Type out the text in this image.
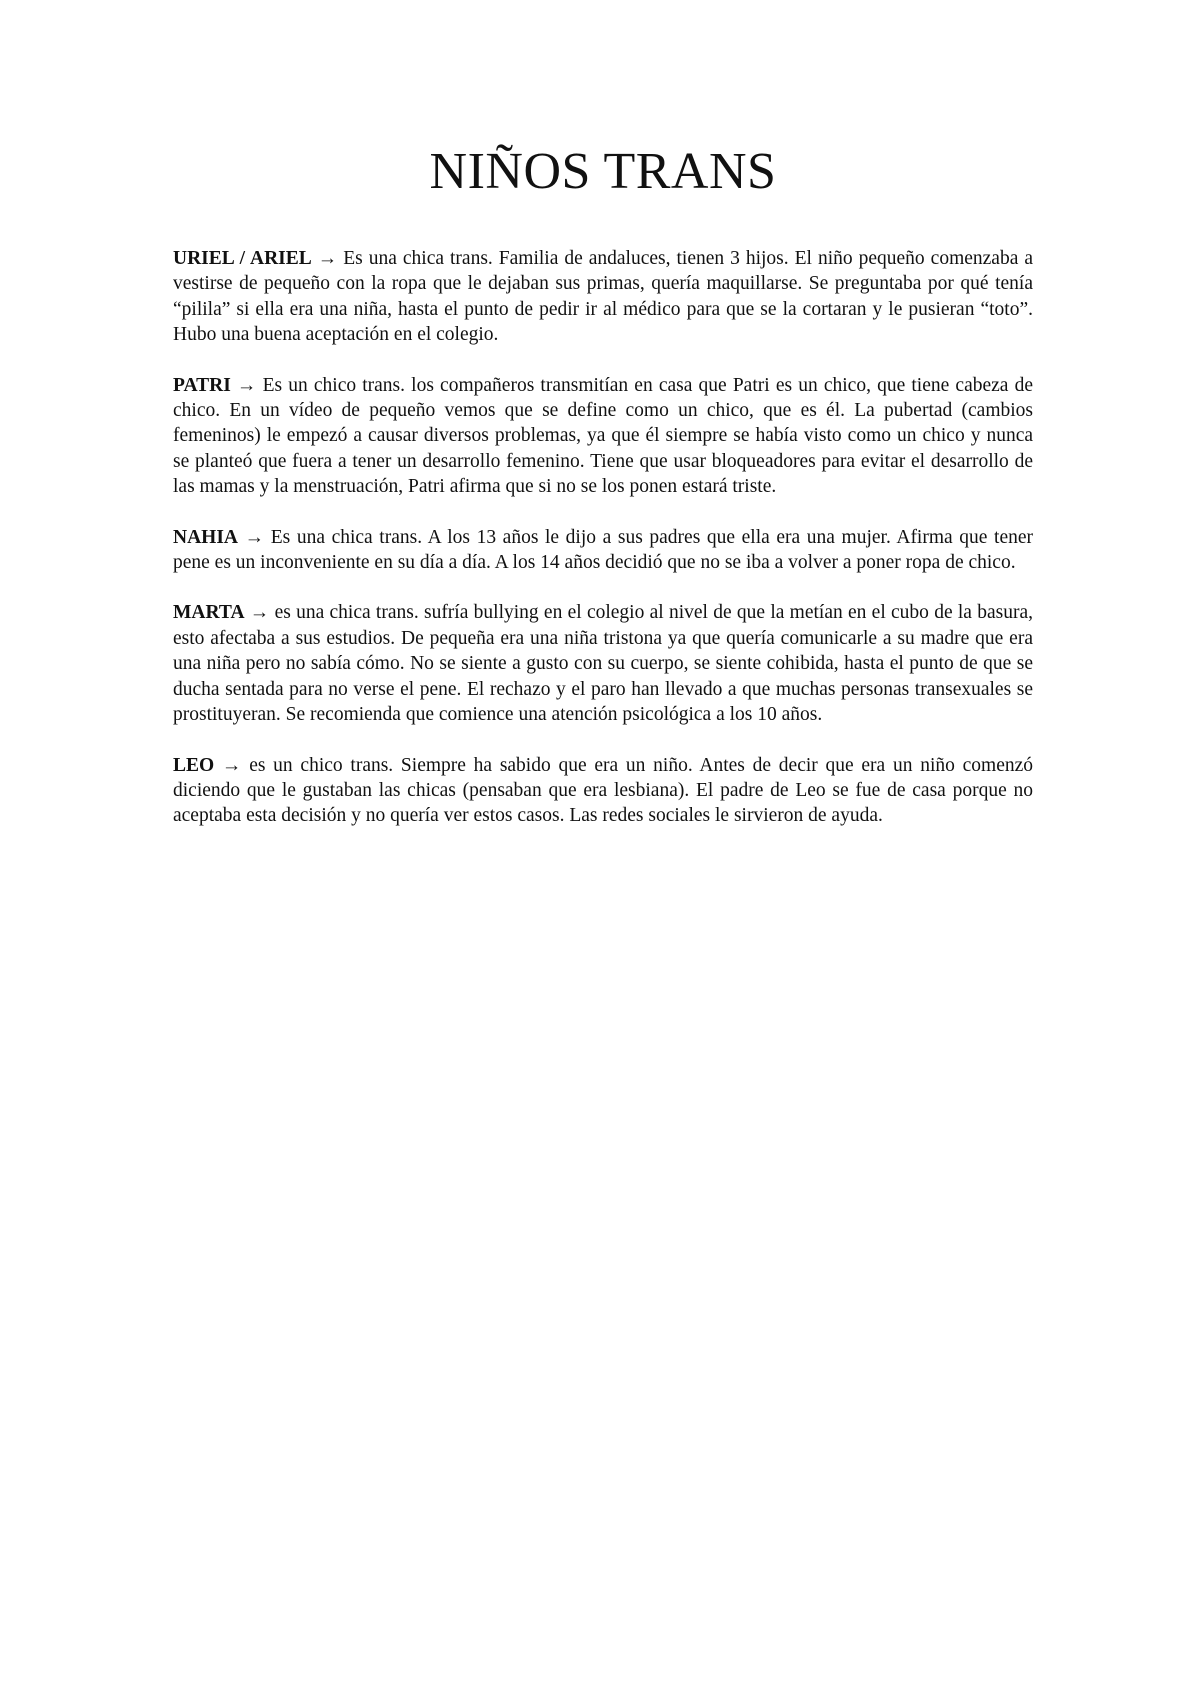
NIÑOS TRANS

URIEL / ARIEL → Es una chica trans. Familia de andaluces, tienen 3 hijos. El niño pequeño comenzaba a vestirse de pequeño con la ropa que le dejaban sus primas, quería maquillarse. Se preguntaba por qué tenía “pilila” si ella era una niña, hasta el punto de pedir ir al médico para que se la cortaran y le pusieran “toto”. Hubo una buena aceptación en el colegio.

PATRI → Es un chico trans. los compañeros transmitían en casa que Patri es un chico, que tiene cabeza de chico. En un vídeo de pequeño vemos que se define como un chico, que es él. La pubertad (cambios femeninos) le empezó a causar diversos problemas, ya que él siempre se había visto como un chico y nunca se planteó que fuera a tener un desarrollo femenino. Tiene que usar bloqueadores para evitar el desarrollo de las mamas y la menstruación, Patri afirma que si no se los ponen estará triste.

NAHIA → Es una chica trans. A los 13 años le dijo a sus padres que ella era una mujer. Afirma que tener pene es un inconveniente en su día a día. A los 14 años decidió que no se iba a volver a poner ropa de chico.

MARTA → es una chica trans. sufría bullying en el colegio al nivel de que la metían en el cubo de la basura, esto afectaba a sus estudios. De pequeña era una niña tristona ya que quería comunicarle a su madre que era una niña pero no sabía cómo. No se siente a gusto con su cuerpo, se siente cohibida, hasta el punto de que se ducha sentada para no verse el pene. El rechazo y el paro han llevado a que muchas personas transexuales se prostituyeran. Se recomienda que comience una atención psicológica a los 10 años.

LEO → es un chico trans. Siempre ha sabido que era un niño. Antes de decir que era un niño comenzó diciendo que le gustaban las chicas (pensaban que era lesbiana). El padre de Leo se fue de casa porque no aceptaba esta decisión y no quería ver estos casos. Las redes sociales le sirvieron de ayuda.
